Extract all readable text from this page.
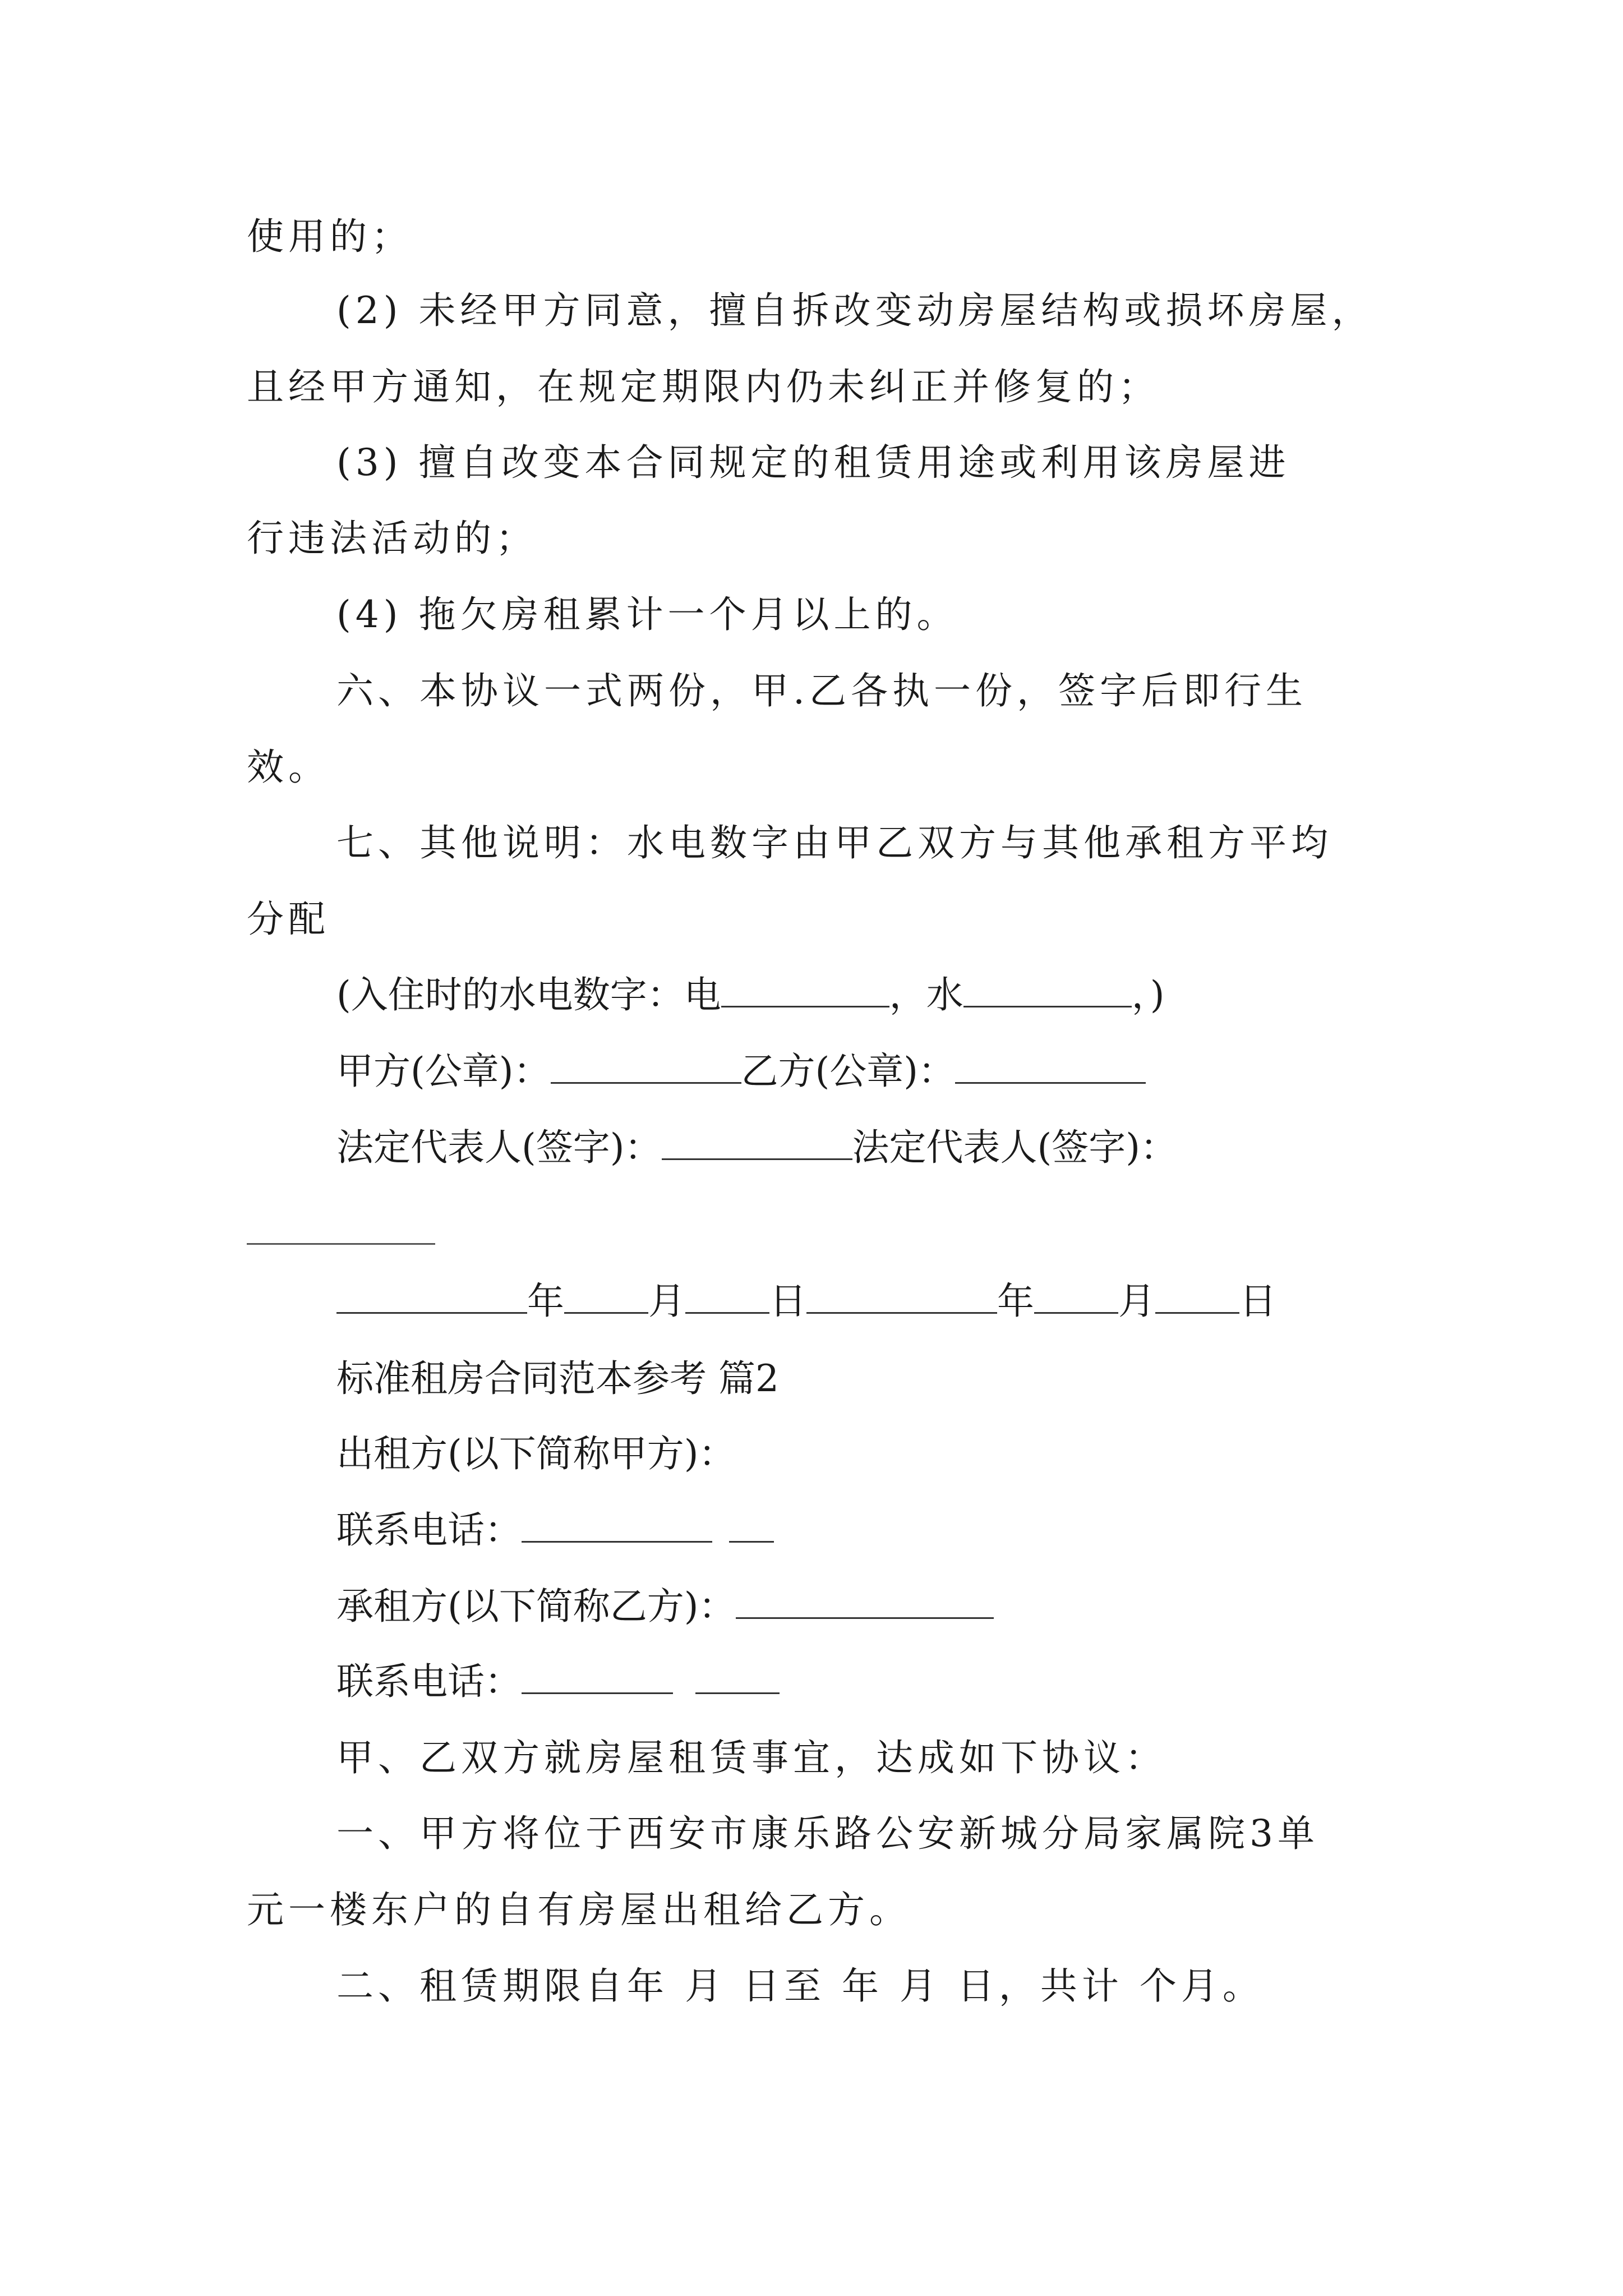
使用的；

(2) 未经甲方同意，擅自拆改变动房屋结构或损坏房屋，

且经甲方通知，在规定期限内仍未纠正并修复的；

(3) 擅自改变本合同规定的租赁用途或利用该房屋进

行违法活动的；

(4) 拖欠房租累计一个月以上的。

六、本协议一式两份，甲.乙各执一份，签字后即行生

效。

七、其他说明：水电数字由甲乙双方与其他承租方平均

分配

(入住时的水电数字：电	，水	，)

甲方(公章)：	乙方(公章)：

法定代表人(签字)：	法定代表人(签字)：

年 月 日	年 月 日

标准租房合同范本参考 篇2

出租方(以下简称甲方)：

联系电话：

承租方(以下简称乙方)：

联系电话：

甲、乙双方就房屋租赁事宜，达成如下协议：

一、甲方将位于西安市康乐路公安新城分局家属院3单

元一楼东户的自有房屋出租给乙方。

二、租赁期限自年 月 日至 年 月 日，共计 个月。
